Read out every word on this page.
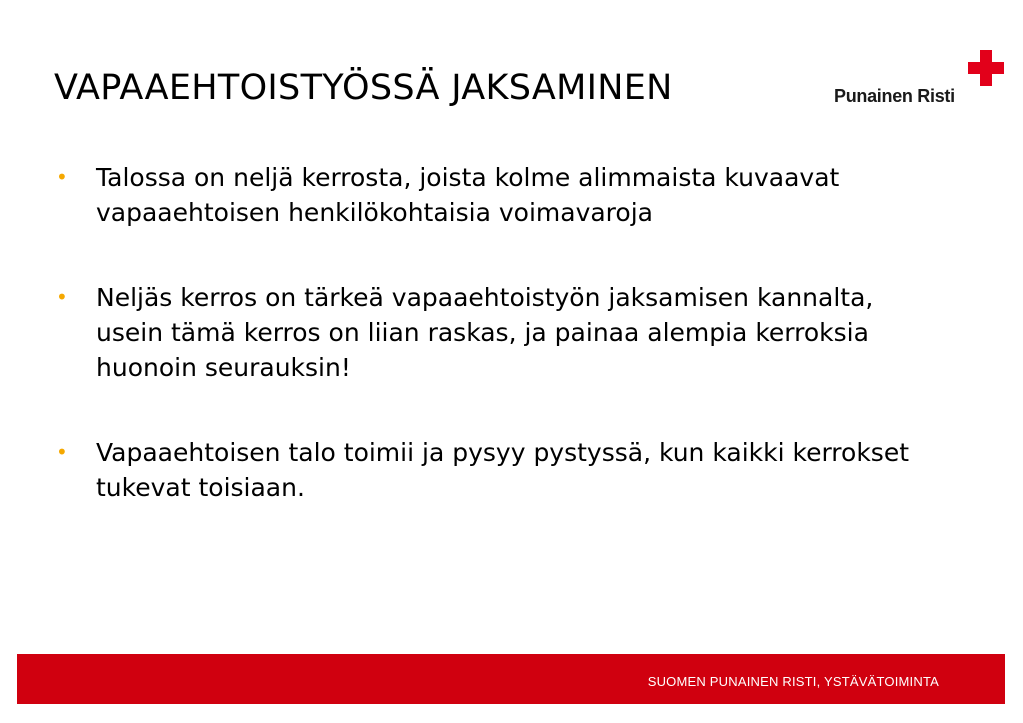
VAPAAEHTOISTYÖSSÄ JAKSAMINEN	Punainen Risti
• Talossa on neljä kerrosta, joista kolme alimmaista kuvaavat vapaaehtoisen henkilökohtaisia voimavaroja
• Neljäs kerros on tärkeä vapaaehtoistyön jaksamisen kannalta, usein tämä kerros on liian raskas, ja painaa alempia kerroksia huonoin seurauksin!
• Vapaaehtoisen talo toimii ja pysyy pystyssä, kun kaikki kerrokset tukevat toisiaan.
SUOMEN PUNAINEN RISTI, YSTÄVÄTOIMINTA
